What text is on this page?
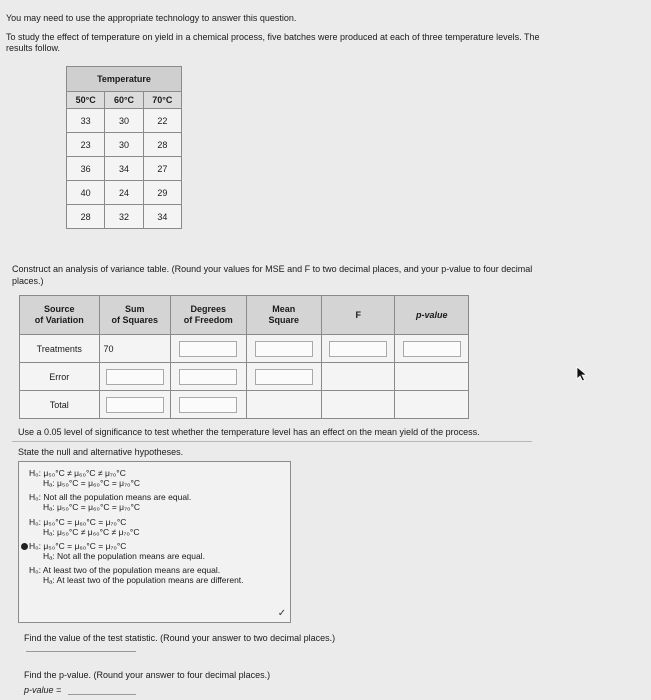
You may need to use the appropriate technology to answer this question.
To study the effect of temperature on yield in a chemical process, five batches were produced at each of three temperature levels. The
results follow.
Temperature		
50°C	60°C	70°C
33	30	22
23	30	28
36	34	27
40	24	29
28	32	34
Construct an analysis of variance table. (Round your values for MSE and F to two decimal places, and your p-value to four decimal
places.)
Source
of Variation	Sum
of Squares	Degrees
of Freedom	Mean
Square	F	p-value
Treatments	70	

Error	

Total	

Use a 0.05 level of significance to test whether the temperature level has an effect on the mean yield of the process.
State the null and alternative hypotheses.
H₀: μ₅₀°C ≠ μ₆₀°C ≠ μ₇₀°C
Hₐ: μ₅₀°C = μ₆₀°C = μ₇₀°C
H₀: Not all the population means are equal.
Hₐ: μ₅₀°C = μ₆₀°C = μ₇₀°C
H₀: μ₅₀°C = μ₆₀°C = μ₇₀°C
Hₐ: μ₅₀°C ≠ μ₆₀°C ≠ μ₇₀°C
H₀: μ₅₀°C = μ₆₀°C = μ₇₀°C
Hₐ: Not all the population means are equal.
H₀: At least two of the population means are equal.
Hₐ: At least two of the population means are different.
✓
Find the value of the test statistic. (Round your answer to two decimal places.)
Find the p-value. (Round your answer to four decimal places.)
p-value =
